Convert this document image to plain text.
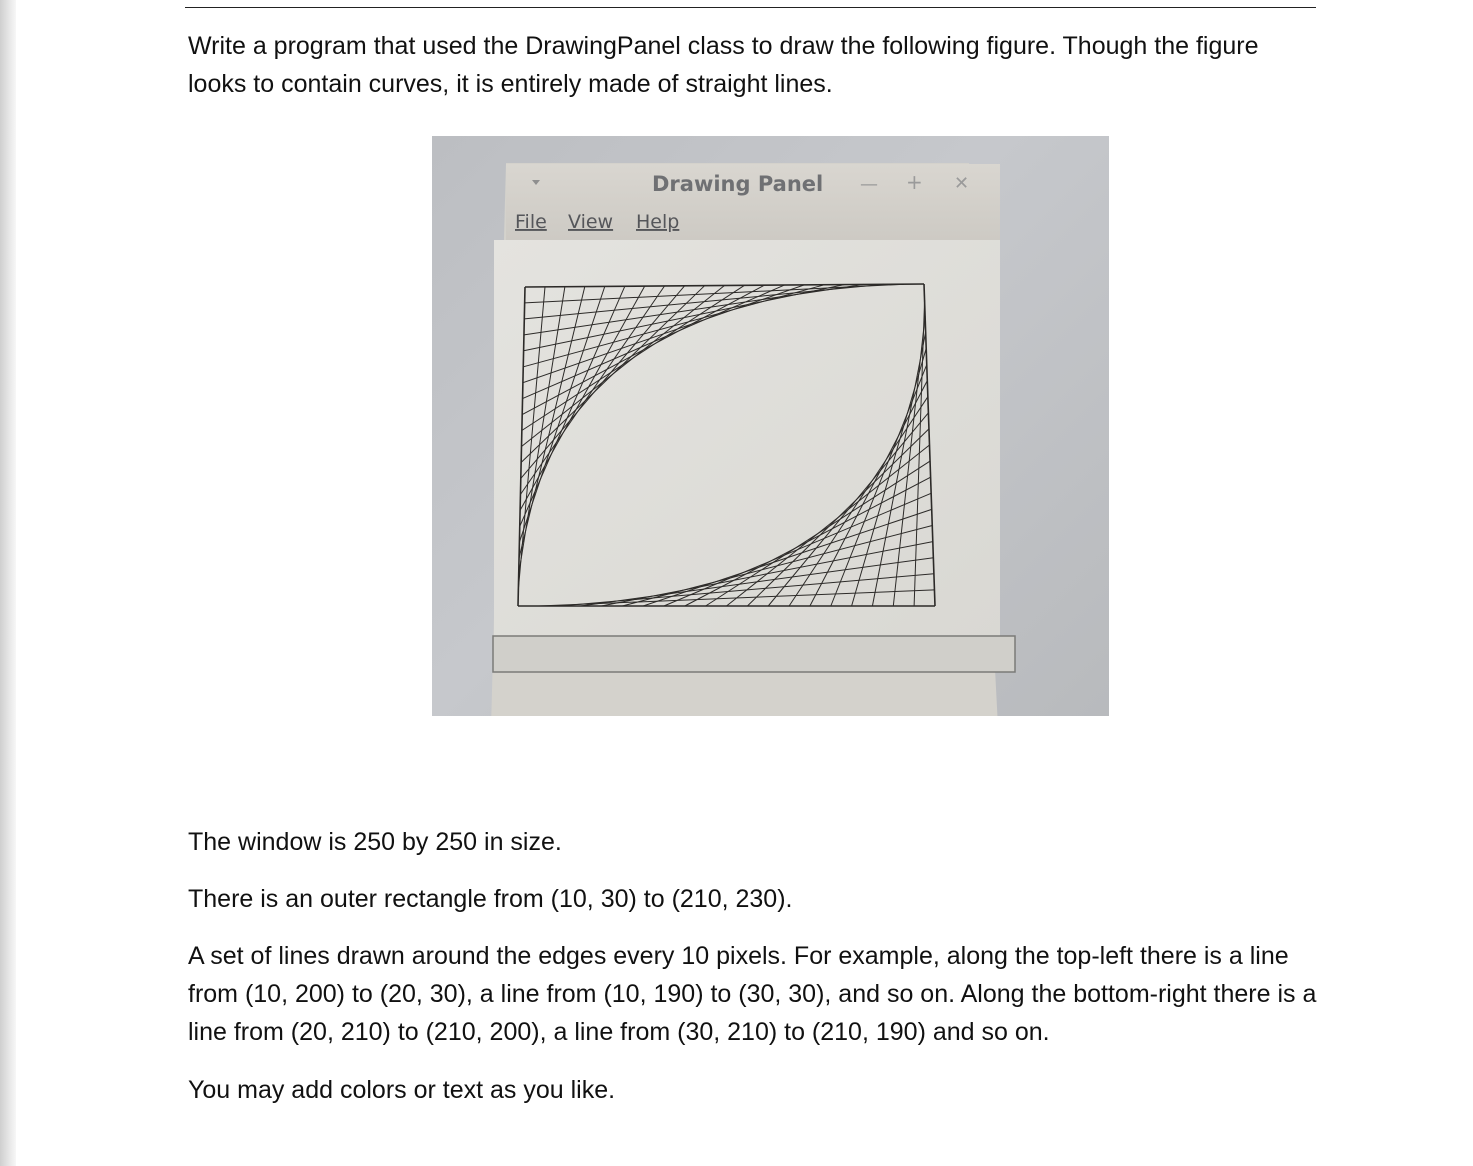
Write a program that used the DrawingPanel class to draw the following figure. Though the figure looks to contain curves, it is entirely made of straight lines.

Drawing Panel — + ✕
File View Help

The window is 250 by 250 in size.

There is an outer rectangle from (10, 30) to (210, 230).

A set of lines drawn around the edges every 10 pixels. For example, along the top-left there is a line from (10, 200) to (20, 30), a line from (10, 190) to (30, 30), and so on. Along the bottom-right there is a line from (20, 210) to (210, 200), a line from (30, 210) to (210, 190) and so on.

You may add colors or text as you like.
